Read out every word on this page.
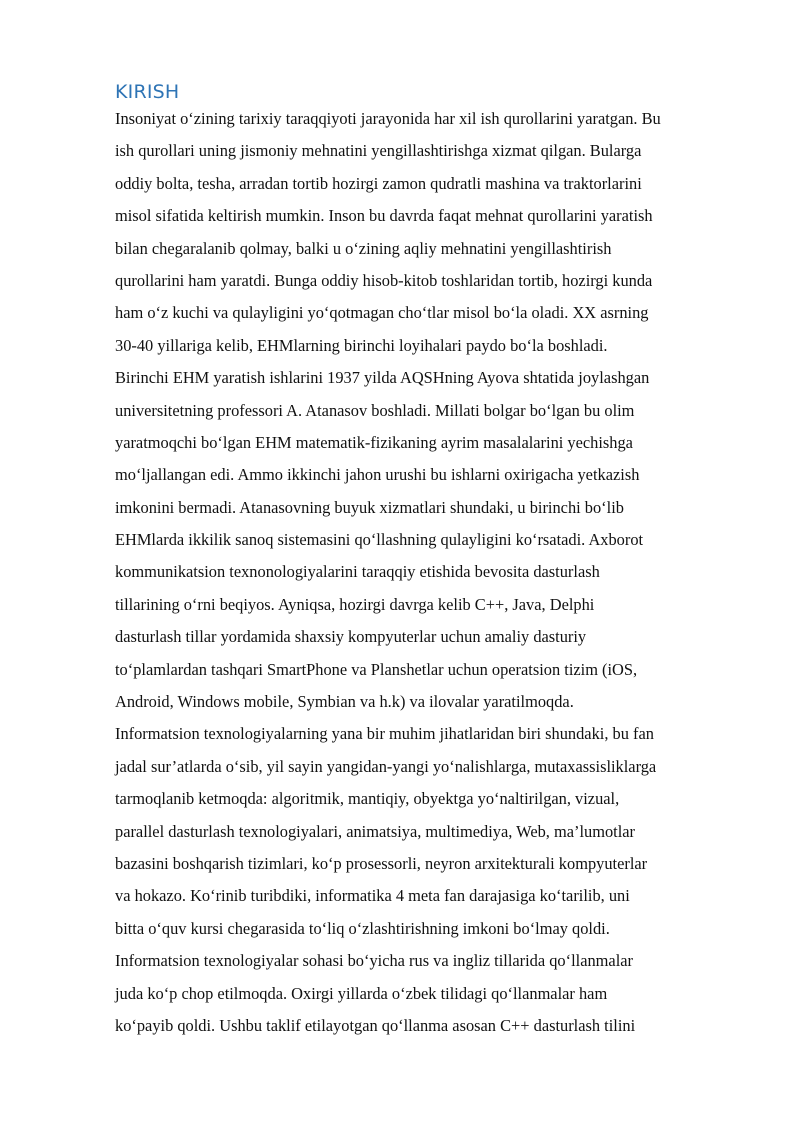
KIRISH
Insoniyat o‘zining tarixiy taraqqiyoti jarayonida har xil ish qurollarini yaratgan. Bu
ish qurollari uning jismoniy mehnatini yengillashtirishga xizmat qilgan. Bularga
oddiy bolta, tesha, arradan tortib hozirgi zamon qudratli mashina va traktorlarini
misol sifatida keltirish mumkin. Inson bu davrda faqat mehnat qurollarini yaratish
bilan chegaralanib qolmay, balki u o‘zining aqliy mehnatini yengillashtirish
qurollarini ham yaratdi. Bunga oddiy hisob-kitob toshlaridan tortib, hozirgi kunda
ham o‘z kuchi va qulayligini yo‘qotmagan cho‘tlar misol bo‘la oladi. XX asrning
30-40 yillariga kelib, EHMlarning birinchi loyihalari paydo bo‘la boshladi.
Birinchi EHM yaratish ishlarini 1937 yilda AQSHning Ayova shtatida joylashgan
universitetning professori A. Atanasov boshladi. Millati bolgar bo‘lgan bu olim
yaratmoqchi bo‘lgan EHM matematik-fizikaning ayrim masalalarini yechishga
mo‘ljallangan edi. Ammo ikkinchi jahon urushi bu ishlarni oxirigacha yetkazish
imkonini bermadi. Atanasovning buyuk xizmatlari shundaki, u birinchi bo‘lib
EHMlarda ikkilik sanoq sistemasini qo‘llashning qulayligini ko‘rsatadi. Axborot
kommunikatsion texnonologiyalarini taraqqiy etishida bevosita dasturlash
tillarining o‘rni beqiyos. Ayniqsa, hozirgi davrga kelib C++, Java, Delphi
dasturlash tillar yordamida shaxsiy kompyuterlar uchun amaliy dasturiy
to‘plamlardan tashqari SmartPhone va Planshetlar uchun operatsion tizim (iOS,
Android, Windows mobile, Symbian va h.k) va ilovalar yaratilmoqda.
Informatsion texnologiyalarning yana bir muhim jihatlaridan biri shundaki, bu fan
jadal sur’atlarda o‘sib, yil sayin yangidan-yangi yo‘nalishlarga, mutaxassisliklarga
tarmoqlanib ketmoqda: algoritmik, mantiqiy, obyektga yo‘naltirilgan, vizual,
parallel dasturlash texnologiyalari, animatsiya, multimediya, Web, ma’lumotlar
bazasini boshqarish tizimlari, ko‘p prosessorli, neyron arxitekturali kompyuterlar
va hokazo. Ko‘rinib turibdiki, informatika 4 meta fan darajasiga ko‘tarilib, uni
bitta o‘quv kursi chegarasida to‘liq o‘zlashtirishning imkoni bo‘lmay qoldi.
Informatsion texnologiyalar sohasi bo‘yicha rus va ingliz tillarida qo‘llanmalar
juda ko‘p chop etilmoqda. Oxirgi yillarda o‘zbek tilidagi qo‘llanmalar ham
ko‘payib qoldi. Ushbu taklif etilayotgan qo‘llanma asosan C++ dasturlash tilini
